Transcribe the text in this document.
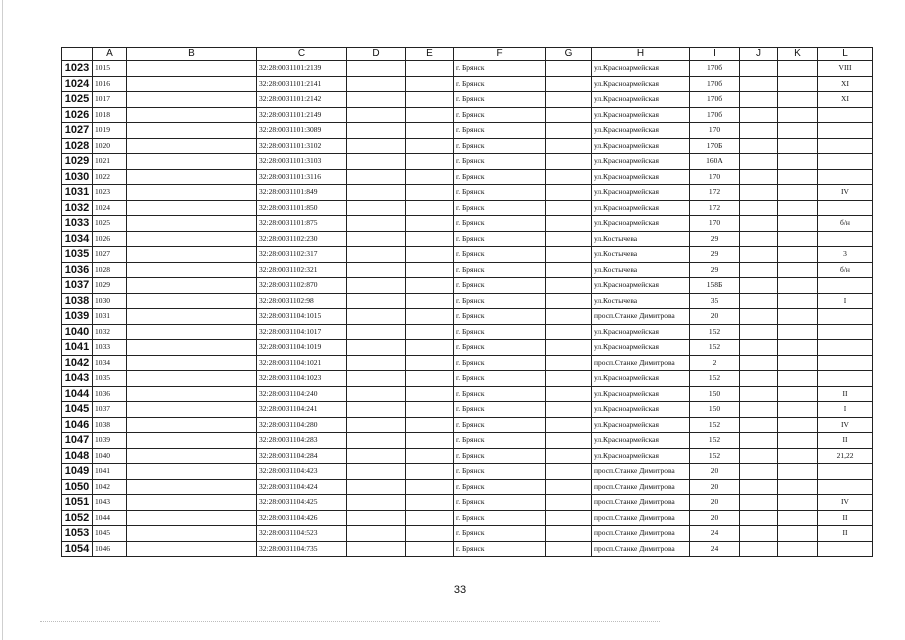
	A	B	C	D	E	F	G	H	I	J	K	L
1023	1015		32:28:0031101:2139			г. Брянск		ул.Красноармейская	170б			VIII
1024	1016		32:28:0031101:2141			г. Брянск		ул.Красноармейская	170б			XI
1025	1017		32:28:0031101:2142			г. Брянск		ул.Красноармейская	170б			XI
1026	1018		32:28:0031101:2149			г. Брянск		ул.Красноармейская	170б			
1027	1019		32:28:0031101:3089			г. Брянск		ул.Красноармейская	170			
1028	1020		32:28:0031101:3102			г. Брянск		ул.Красноармейская	170Б			
1029	1021		32:28:0031101:3103			г. Брянск		ул.Красноармейская	160А			
1030	1022		32:28:0031101:3116			г. Брянск		ул.Красноармейская	170			
1031	1023		32:28:0031101:849			г. Брянск		ул.Красноармейская	172			IV
1032	1024		32:28:0031101:850			г. Брянск		ул.Красноармейская	172			
1033	1025		32:28:0031101:875			г. Брянск		ул.Красноармейская	170			б/н
1034	1026		32:28:0031102:230			г. Брянск		ул.Костычева	29			
1035	1027		32:28:0031102:317			г. Брянск		ул.Костычева	29			3
1036	1028		32:28:0031102:321			г. Брянск		ул.Костычева	29			б/н
1037	1029		32:28:0031102:870			г. Брянск		ул.Красноармейская	158Б			
1038	1030		32:28:0031102:98			г. Брянск		ул.Костычева	35			I
1039	1031		32:28:0031104:1015			г. Брянск		просп.Станке Димитрова	20			
1040	1032		32:28:0031104:1017			г. Брянск		ул.Красноармейская	152			
1041	1033		32:28:0031104:1019			г. Брянск		ул.Красноармейская	152			
1042	1034		32:28:0031104:1021			г. Брянск		просп.Станке Димитрова	2			
1043	1035		32:28:0031104:1023			г. Брянск		ул.Красноармейская	152			
1044	1036		32:28:0031104:240			г. Брянск		ул.Красноармейская	150			II
1045	1037		32:28:0031104:241			г. Брянск		ул.Красноармейская	150			I
1046	1038		32:28:0031104:280			г. Брянск		ул.Красноармейская	152			IV
1047	1039		32:28:0031104:283			г. Брянск		ул.Красноармейская	152			II
1048	1040		32:28:0031104:284			г. Брянск		ул.Красноармейская	152			21,22
1049	1041		32:28:0031104:423			г. Брянск		просп.Станке Димитрова	20			
1050	1042		32:28:0031104:424			г. Брянск		просп.Станке Димитрова	20			
1051	1043		32:28:0031104:425			г. Брянск		просп.Станке Димитрова	20			IV
1052	1044		32:28:0031104:426			г. Брянск		просп.Станке Димитрова	20			II
1053	1045		32:28:0031104:523			г. Брянск		просп.Станке Димитрова	24			II
1054	1046		32:28:0031104:735			г. Брянск		просп.Станке Димитрова	24			
33
